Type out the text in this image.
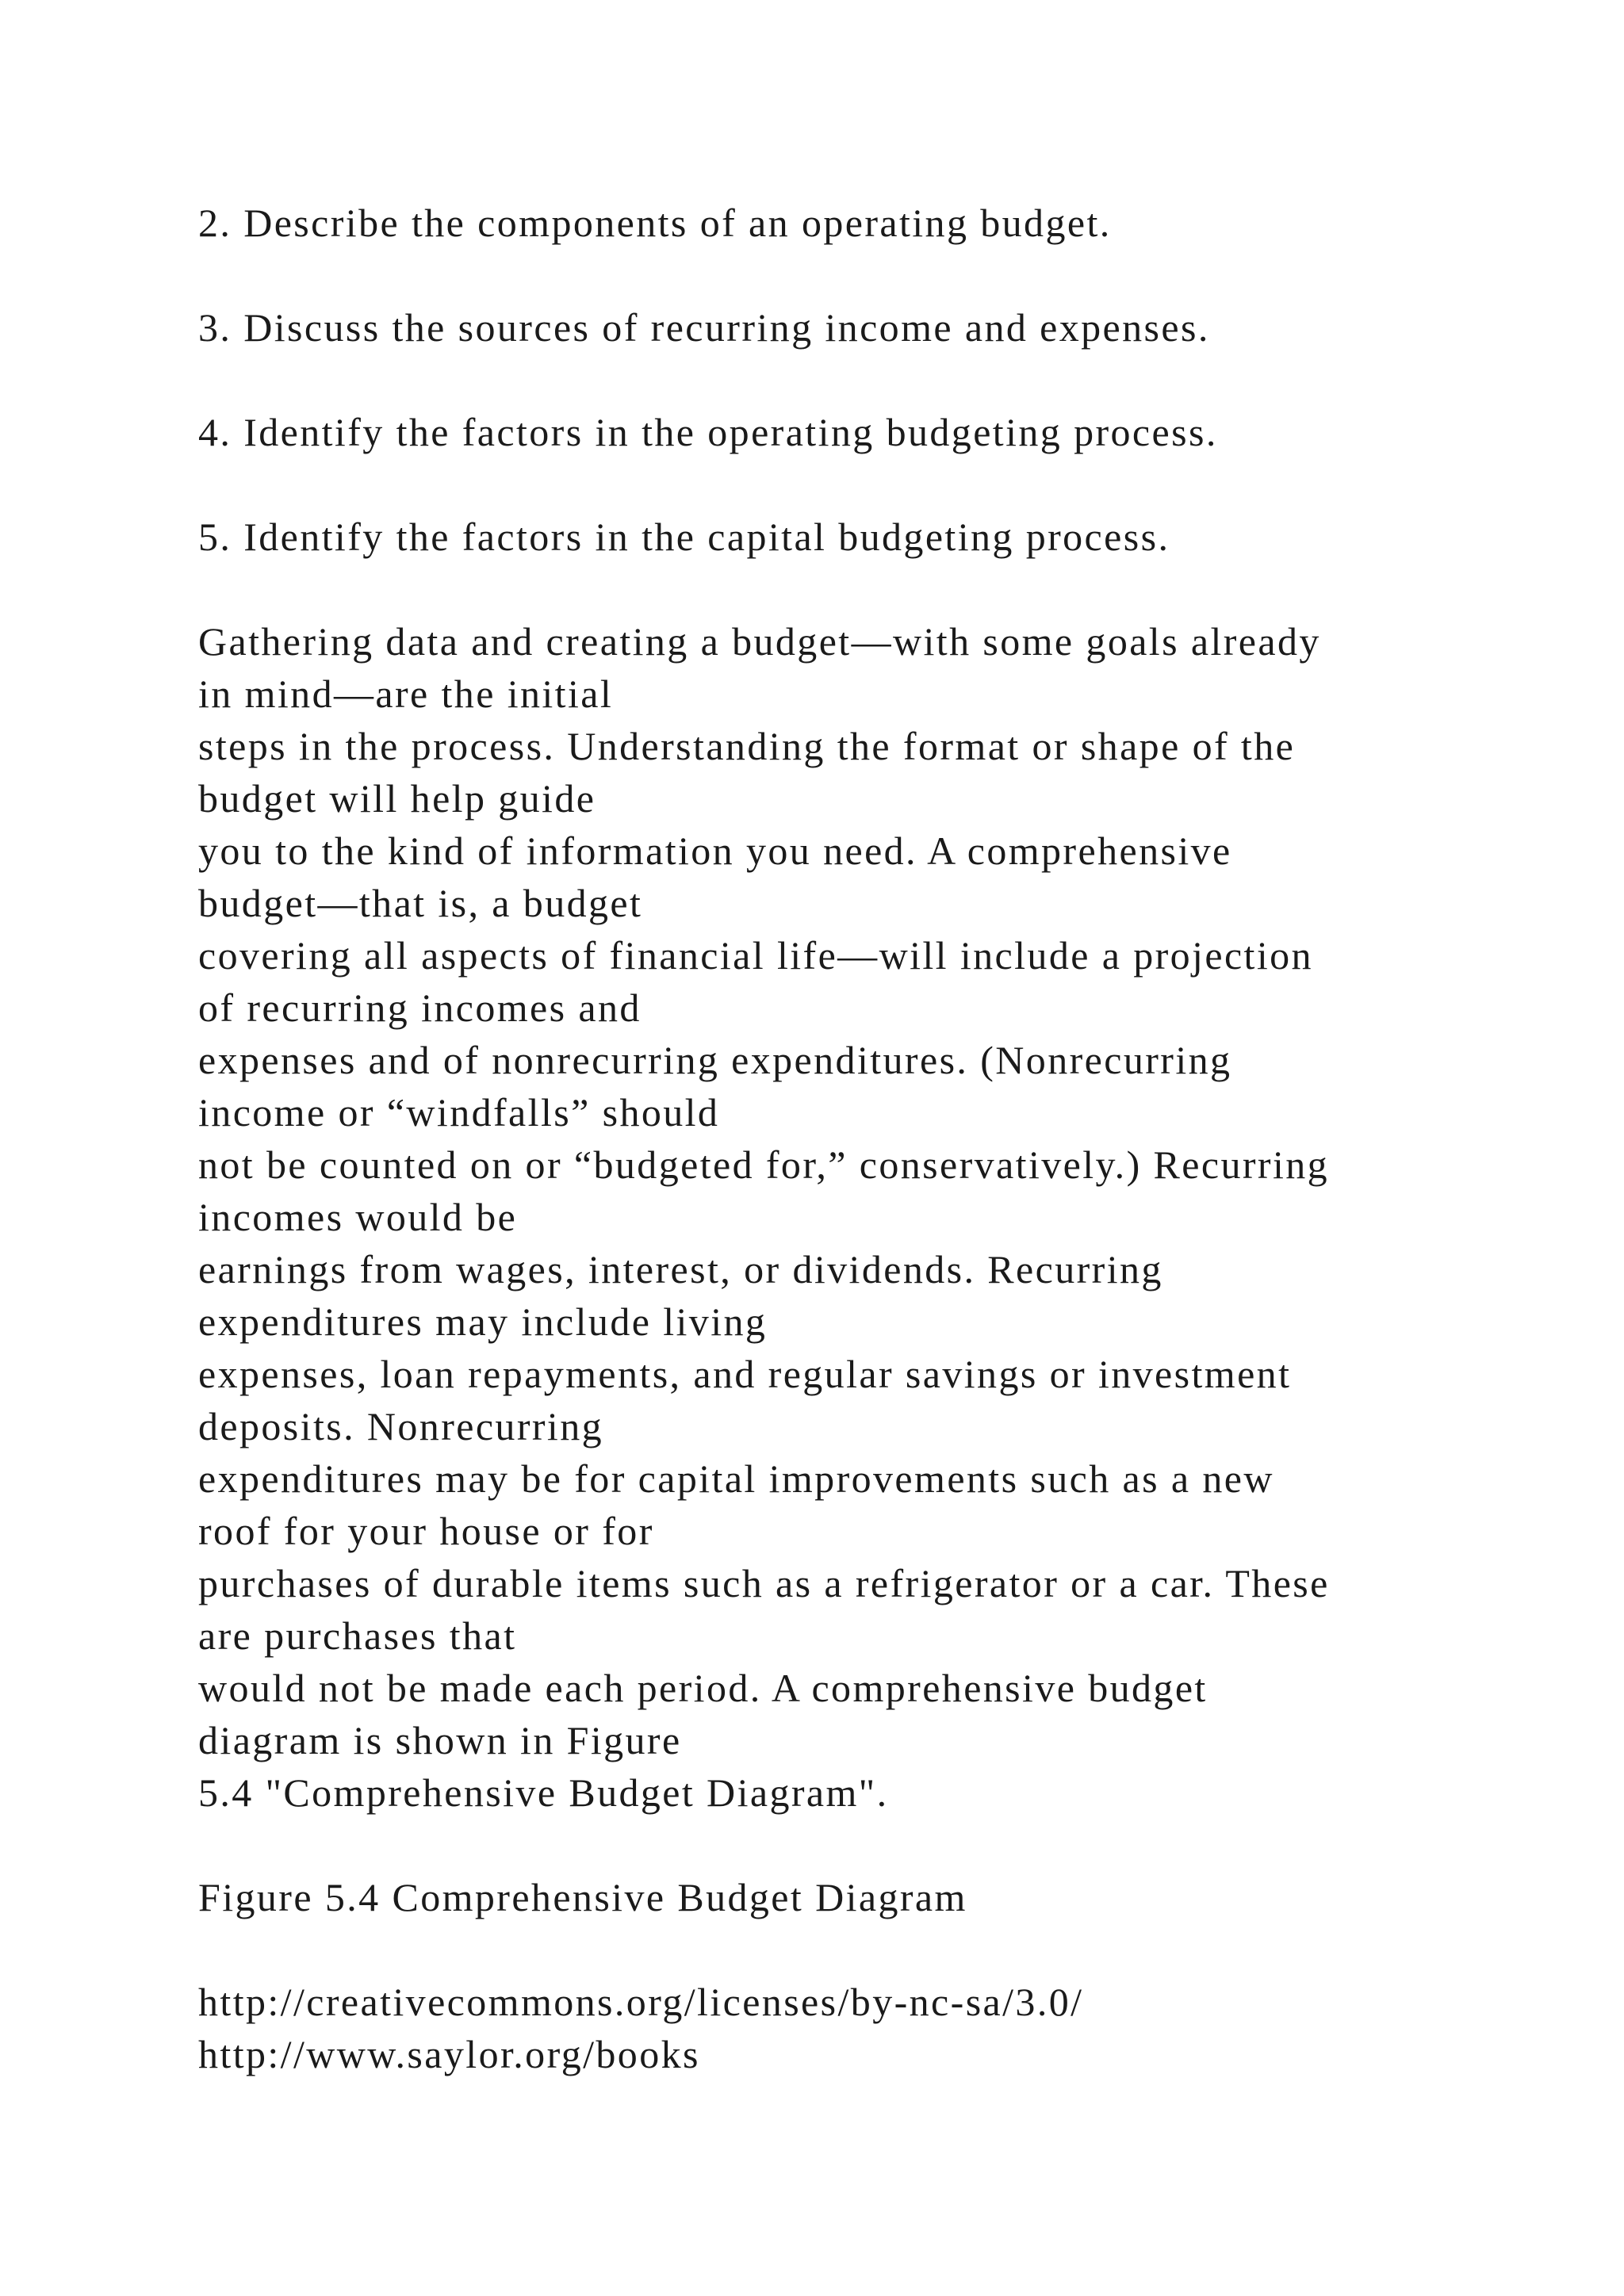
2. Describe the components of an operating budget.
3. Discuss the sources of recurring income and expenses.
4. Identify the factors in the operating budgeting process.
5. Identify the factors in the capital budgeting process.
Gathering data and creating a budget—with some goals already
in mind—are the initial
steps in the process. Understanding the format or shape of the
budget will help guide
you to the kind of information you need. A comprehensive
budget—that is, a budget
covering all aspects of financial life—will include a projection
of recurring incomes and
expenses and of nonrecurring expenditures. (Nonrecurring
income or “windfalls” should
not be counted on or “budgeted for,” conservatively.) Recurring
incomes would be
earnings from wages, interest, or dividends. Recurring
expenditures may include living
expenses, loan repayments, and regular savings or investment
deposits. Nonrecurring
expenditures may be for capital improvements such as a new
roof for your house or for
purchases of durable items such as a refrigerator or a car. These
are purchases that
would not be made each period. A comprehensive budget
diagram is shown in Figure
5.4 "Comprehensive Budget Diagram".
Figure 5.4 Comprehensive Budget Diagram
http://creativecommons.org/licenses/by-nc-sa/3.0/
http://www.saylor.org/books
